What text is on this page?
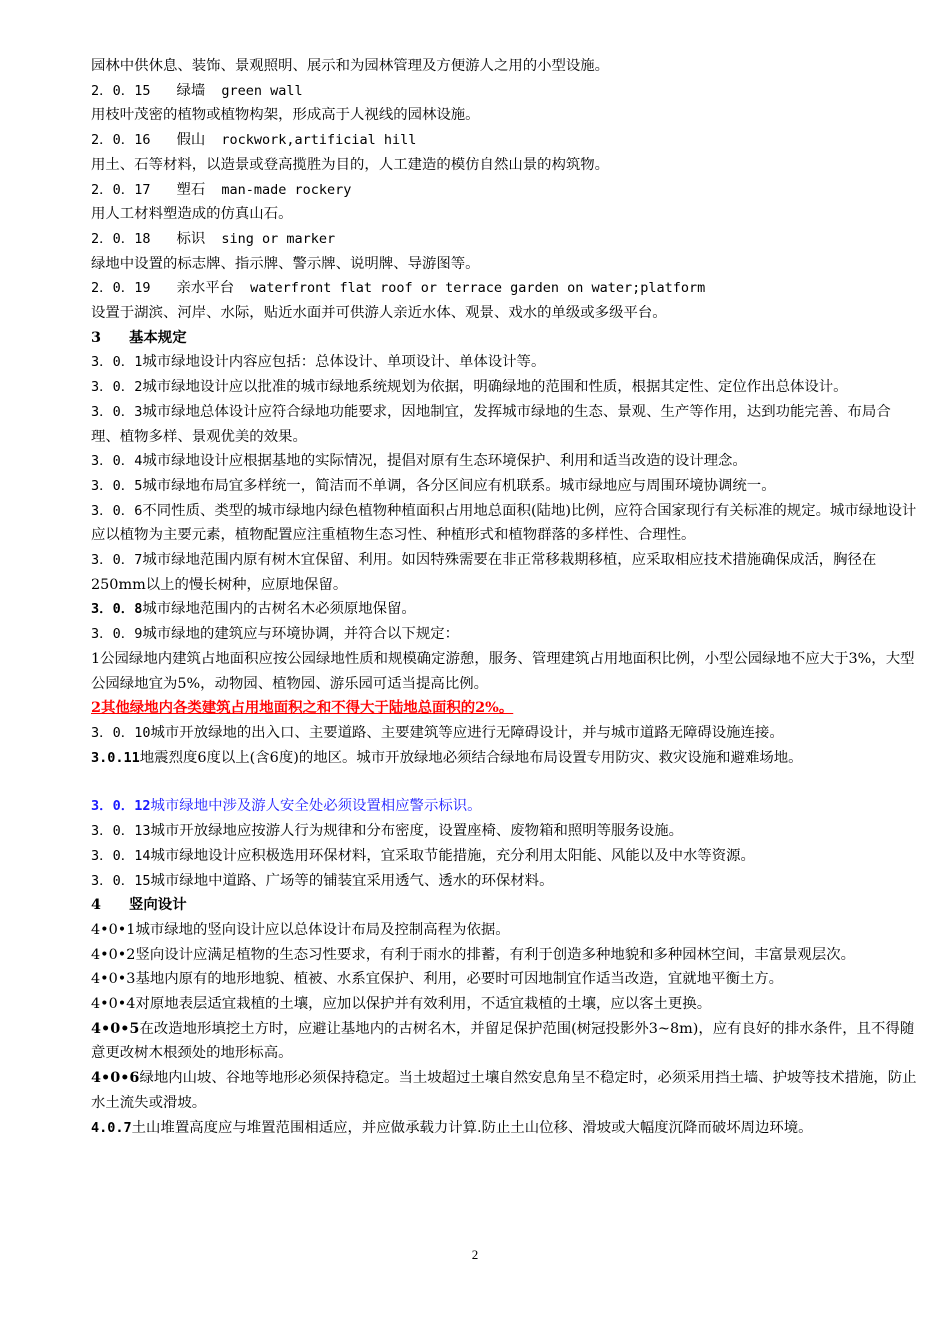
园林中供休息、装饰、景观照明、展示和为园林管理及方便游人之用的小型设施。
2．0．15 绿墙 green wall
用枝叶茂密的植物或植物构架，形成高于人视线的园林设施。
2．0．16 假山 rockwork,artificial hill
用土、石等材料，以造景或登高揽胜为目的，人工建造的模仿自然山景的构筑物。
2．0．17 塑石 man-made rockery
用人工材料塑造成的仿真山石。
2．0．18 标识 sing or marker
绿地中设置的标志牌、指示牌、警示牌、说明牌、导游图等。
2．0．19 亲水平台 waterfront flat roof or terrace garden on water;platform
设置于湖滨、河岸、水际，贴近水面并可供游人亲近水体、观景、戏水的单级或多级平台。
3 基本规定
3．0．1城市绿地设计内容应包括：总体设计、单项设计、单体设计等。
3．0．2城市绿地设计应以批准的城市绿地系统规划为依据，明确绿地的范围和性质，根据其定性、定位作出总体设计。
3．0．3城市绿地总体设计应符合绿地功能要求，因地制宜，发挥城市绿地的生态、景观、生产等作用，达到功能完善、布局合理、植物多样、景观优美的效果。
3．0．4城市绿地设计应根据基地的实际情况，提倡对原有生态环境保护、利用和适当改造的设计理念。
3．0．5城市绿地布局宜多样统一，简洁而不单调，各分区间应有机联系。城市绿地应与周围环境协调统一。
3．0．6不同性质、类型的城市绿地内绿色植物种植面积占用地总面积(陆地)比例，应符合国家现行有关标准的规定。城市绿地设计应以植物为主要元素，植物配置应注重植物生态习性、种植形式和植物群落的多样性、合理性。
3．0．7城市绿地范围内原有树木宜保留、利用。如因特殊需要在非正常移栽期移植，应采取相应技术措施确保成活，胸径在250mm以上的慢长树种，应原地保留。
3．0．8城市绿地范围内的古树名木必须原地保留。
3．0．9城市绿地的建筑应与环境协调，并符合以下规定：
1公园绿地内建筑占地面积应按公园绿地性质和规模确定游憩，服务、管理建筑占用地面积比例，小型公园绿地不应大于3%，大型公园绿地宜为5%，动物园、植物园、游乐园可适当提高比例。
2其他绿地内各类建筑占用地面积之和不得大于陆地总面积的2%。
3．0．10城市开放绿地的出入口、主要道路、主要建筑等应进行无障碍设计，并与城市道路无障碍设施连接。
3.0.11地震烈度6度以上(含6度)的地区。城市开放绿地必须结合绿地布局设置专用防灾、救灾设施和避难场地。
3．0．12城市绿地中涉及游人安全处必须设置相应警示标识。
3．0．13城市开放绿地应按游人行为规律和分布密度，设置座椅、废物箱和照明等服务设施。
3．0．14城市绿地设计应积极选用环保材料，宜采取节能措施，充分利用太阳能、风能以及中水等资源。
3．0．15城市绿地中道路、广场等的铺装宜采用透气、透水的环保材料。
4 竖向设计
4•0•1城市绿地的竖向设计应以总体设计布局及控制高程为依据。
4•0•2竖向设计应满足植物的生态习性要求，有利于雨水的排蓄，有利于创造多种地貌和多种园林空间，丰富景观层次。
4•0•3基地内原有的地形地貌、植被、水系宜保护、利用，必要时可因地制宜作适当改造，宜就地平衡土方。
4•0•4对原地表层适宜栽植的土壤，应加以保护并有效利用，不适宜栽植的土壤，应以客土更换。
4•0•5在改造地形填挖土方时，应避让基地内的古树名木，并留足保护范围(树冠投影外3~8m)，应有良好的排水条件，且不得随意更改树木根颈处的地形标高。
4•0•6绿地内山坡、谷地等地形必须保持稳定。当土坡超过土壤自然安息角呈不稳定时，必须采用挡土墙、护坡等技术措施，防止水土流失或滑坡。
4.0.7土山堆置高度应与堆置范围相适应，并应做承载力计算.防止土山位移、滑坡或大幅度沉降而破坏周边环境。
2
